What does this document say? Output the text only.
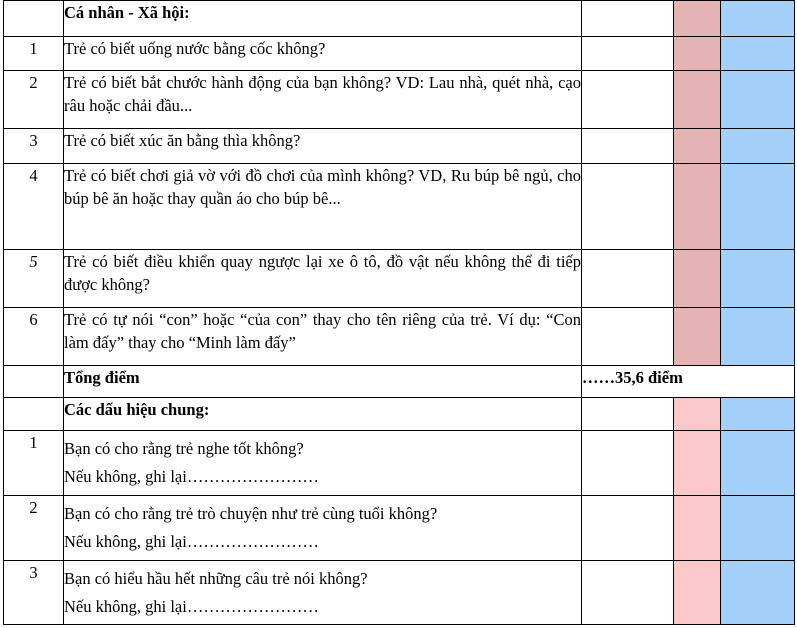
	Cá nhân - Xã hội:			
1	Trẻ có biết uống nước bằng cốc không?			
2	Trẻ có biết bắt chước hành động của bạn không? VD: Lau nhà, quét nhà, cạo râu hoặc chải đầu...			
3	Trẻ có biết xúc ăn bằng thìa không?			
4	Trẻ có biết chơi giả vờ với đồ chơi của mình không? VD, Ru búp bê ngủ, cho búp bê ăn hoặc thay quần áo cho búp bê...			
5	Trẻ có biết điều khiển quay ngược lại xe ô tô, đồ vật nếu không thể đi tiếp được không?			
6	Trẻ có tự nói “con” hoặc “của con” thay cho tên riêng của trẻ. Ví dụ: “Con làm đấy” thay cho “Minh làm đấy”			
	Tổng điểm	……35,6 điểm		
	Các dấu hiệu chung:			
1	Bạn có cho rằng trẻ nghe tốt không?
Nếu không, ghi lại……………………			

2	Bạn có cho rằng trẻ trò chuyện như trẻ cùng tuổi không?
Nếu không, ghi lại……………………			

3	Bạn có hiểu hầu hết những câu trẻ nói không?
Nếu không, ghi lại……………………			
